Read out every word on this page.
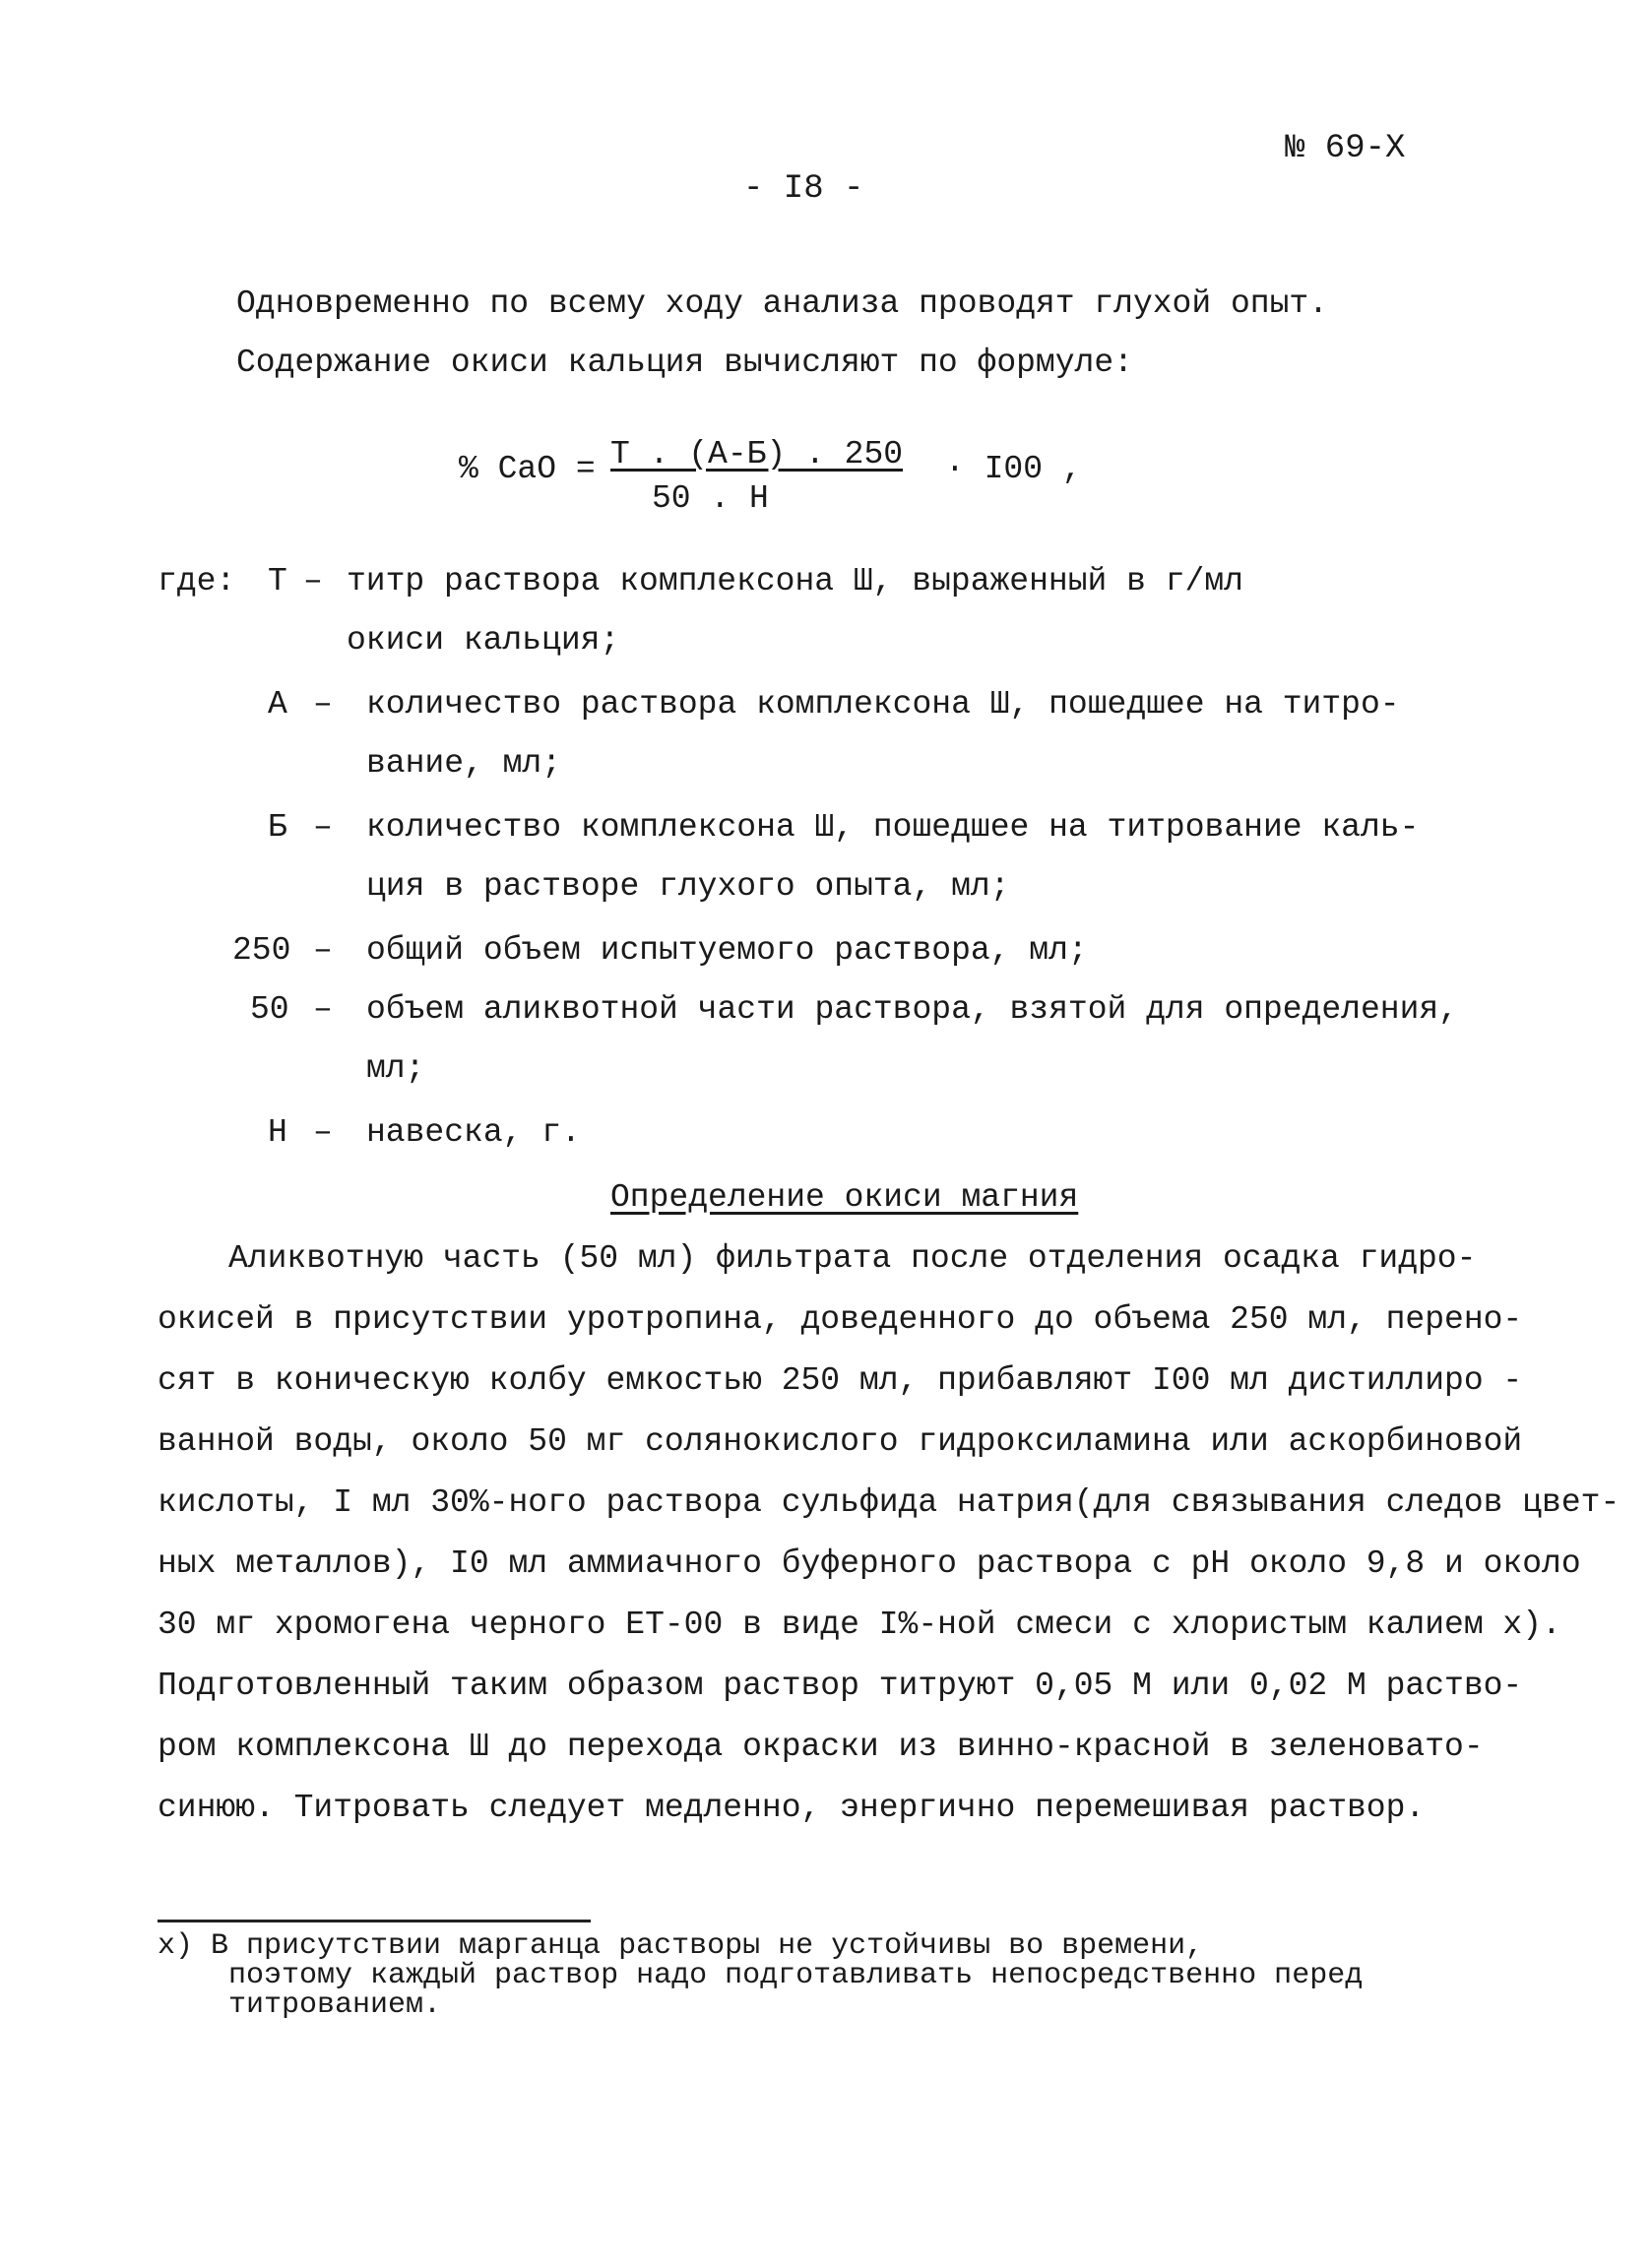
№ 69-Х
- I8 -
Одновременно по всему ходу анализа проводят глухой опыт.
Содержание окиси кальция вычисляют по формуле:
% CaO = Т . (А-Б) . 250
50 . Н
· I00 ,
где: Т – титр раствора комплексона Ш, выраженный в г/мл
окиси кальция;
А – количество раствора комплексона Ш, пошедшее на титро-
вание, мл;
Б – количество комплексона Ш, пошедшее на титрование каль-
ция в растворе глухого опыта, мл;
250 – общий объем испытуемого раствора, мл;
50 – объем аликвотной части раствора, взятой для определения,
мл;
Н – навеска, г.
Определение окиси магния
Аликвотную часть (50 мл) фильтрата после отделения осадка гидро-
окисей в присутствии уротропина, доведенного до объема 250 мл, перено-
сят в коническую колбу емкостью 250 мл, прибавляют I00 мл дистиллиро -
ванной воды, около 50 мг солянокислого гидроксиламина или аскорбиновой
кислоты, I мл 30%-ного раствора сульфида натрия(для связывания следов цвет-
ных металлов), I0 мл аммиачного буферного раствора с рН около 9,8 и около
30 мг хромогена черного ЕТ-00 в виде I%-ной смеси с хлористым калием х).
Подготовленный таким образом раствор титруют 0,05 М или 0,02 М раство-
ром комплексона Ш до перехода окраски из винно-красной в зеленовато-
синюю. Титровать следует медленно, энергично перемешивая раствор.
х) В присутствии марганца растворы не устойчивы во времени,
поэтому каждый раствор надо подготавливать непосредственно перед
титрованием.
